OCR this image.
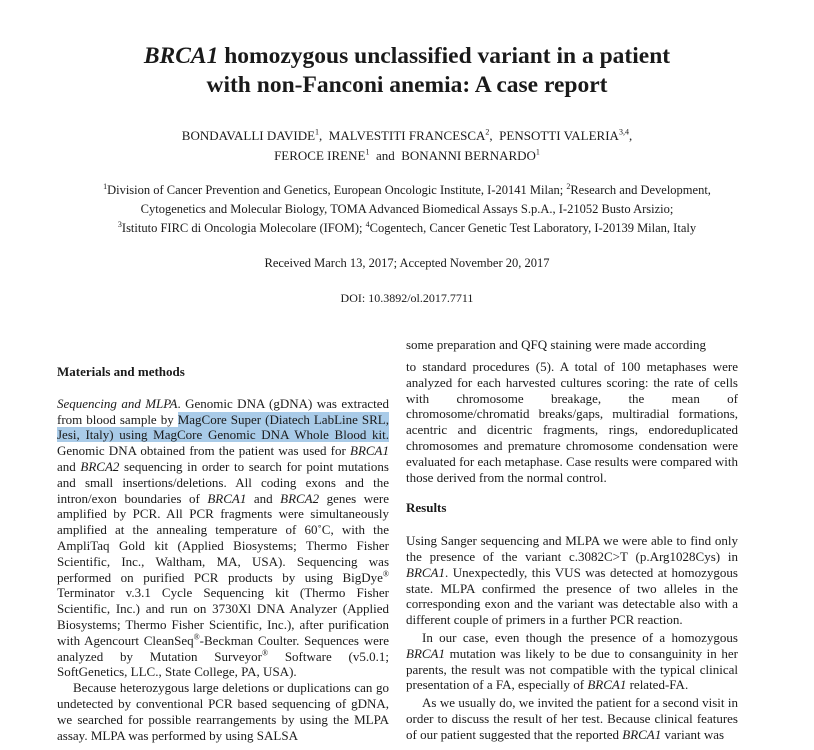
BRCA1 homozygous unclassified variant in a patient
with non-Fanconi anemia: A case report
BONDAVALLI DAVIDE$^1$,  MALVESTITI FRANCESCA$^2$,  PENSOTTI VALERIA$^{3,4}$,
FEROCE IRENE$^1$ and BONANNI BERNARDO$^1$
$^1$Division of Cancer Prevention and Genetics, European Oncologic Institute, I-20141 Milan; $^2$Research and Development,
Cytogenetics and Molecular Biology, TOMA Advanced Biomedical Assays S.p.A., I-21052 Busto Arsizio;
$^3$Istituto FIRC di Oncologia Molecolare (IFOM); $^4$Cogentech, Cancer Genetic Test Laboratory, I-20139 Milan, Italy
Received March 13, 2017; Accepted November 20, 2017
DOI: 10.3892/ol.2017.7711

Materials and methods

Sequencing and MLPA. Genomic DNA (gDNA) was extracted from blood sample by MagCore Super (Diatech LabLine SRL, Jesi, Italy) using MagCore Genomic DNA Whole Blood kit. Genomic DNA obtained from the patient was used for BRCA1 and BRCA2 sequencing in order to search for point mutations and small insertions/deletions. All coding exons and the intron/exon boundaries of BRCA1 and BRCA2 genes were amplified by PCR. All PCR fragments were simultaneously amplified at the annealing temperature of 60˚C, with the AmpliTaq Gold kit (Applied Biosystems; Thermo Fisher Scientific, Inc., Waltham, MA, USA). Sequencing was performed on purified PCR products by using BigDye® Terminator v.3.1 Cycle Sequencing kit (Thermo Fisher Scientific, Inc.) and run on 3730Xl DNA Analyzer (Applied Biosystems; Thermo Fisher Scientific, Inc.), after purification with Agencourt CleanSeq®-Beckman Coulter. Sequences were analyzed by Mutation Surveyor® Software (v5.0.1; SoftGenetics, LLC., State College, PA, USA).

Because heterozygous large deletions or duplications can go undetected by conventional PCR based sequencing of gDNA, we searched for possible rearrangements by using the MLPA assay. MLPA was performed by using SALSA

some preparation and QFQ staining were made according

to standard procedures (5). A total of 100 metaphases were analyzed for each harvested cultures scoring: the rate of cells with chromosome breakage, the mean of chromosome/chromatid breaks/gaps, multiradial formations, acentric and dicentric fragments, rings, endoreduplicated chromosomes and premature chromosome condensation were evaluated for each metaphase. Case results were compared with those derived from the normal control.

Results

Using Sanger sequencing and MLPA we were able to find only the presence of the variant c.3082C>T (p.Arg1028Cys) in BRCA1. Unexpectedly, this VUS was detected at homozygous state. MLPA confirmed the presence of two alleles in the corresponding exon and the variant was detectable also with a different couple of primers in a further PCR reaction.

In our case, even though the presence of a homozygous BRCA1 mutation was likely to be due to consanguinity in her parents, the result was not compatible with the typical clinical presentation of a FA, especially of BRCA1 related-FA.

As we usually do, we invited the patient for a second visit in order to discuss the result of her test. Because clinical features of our patient suggested that the reported BRCA1 variant was
